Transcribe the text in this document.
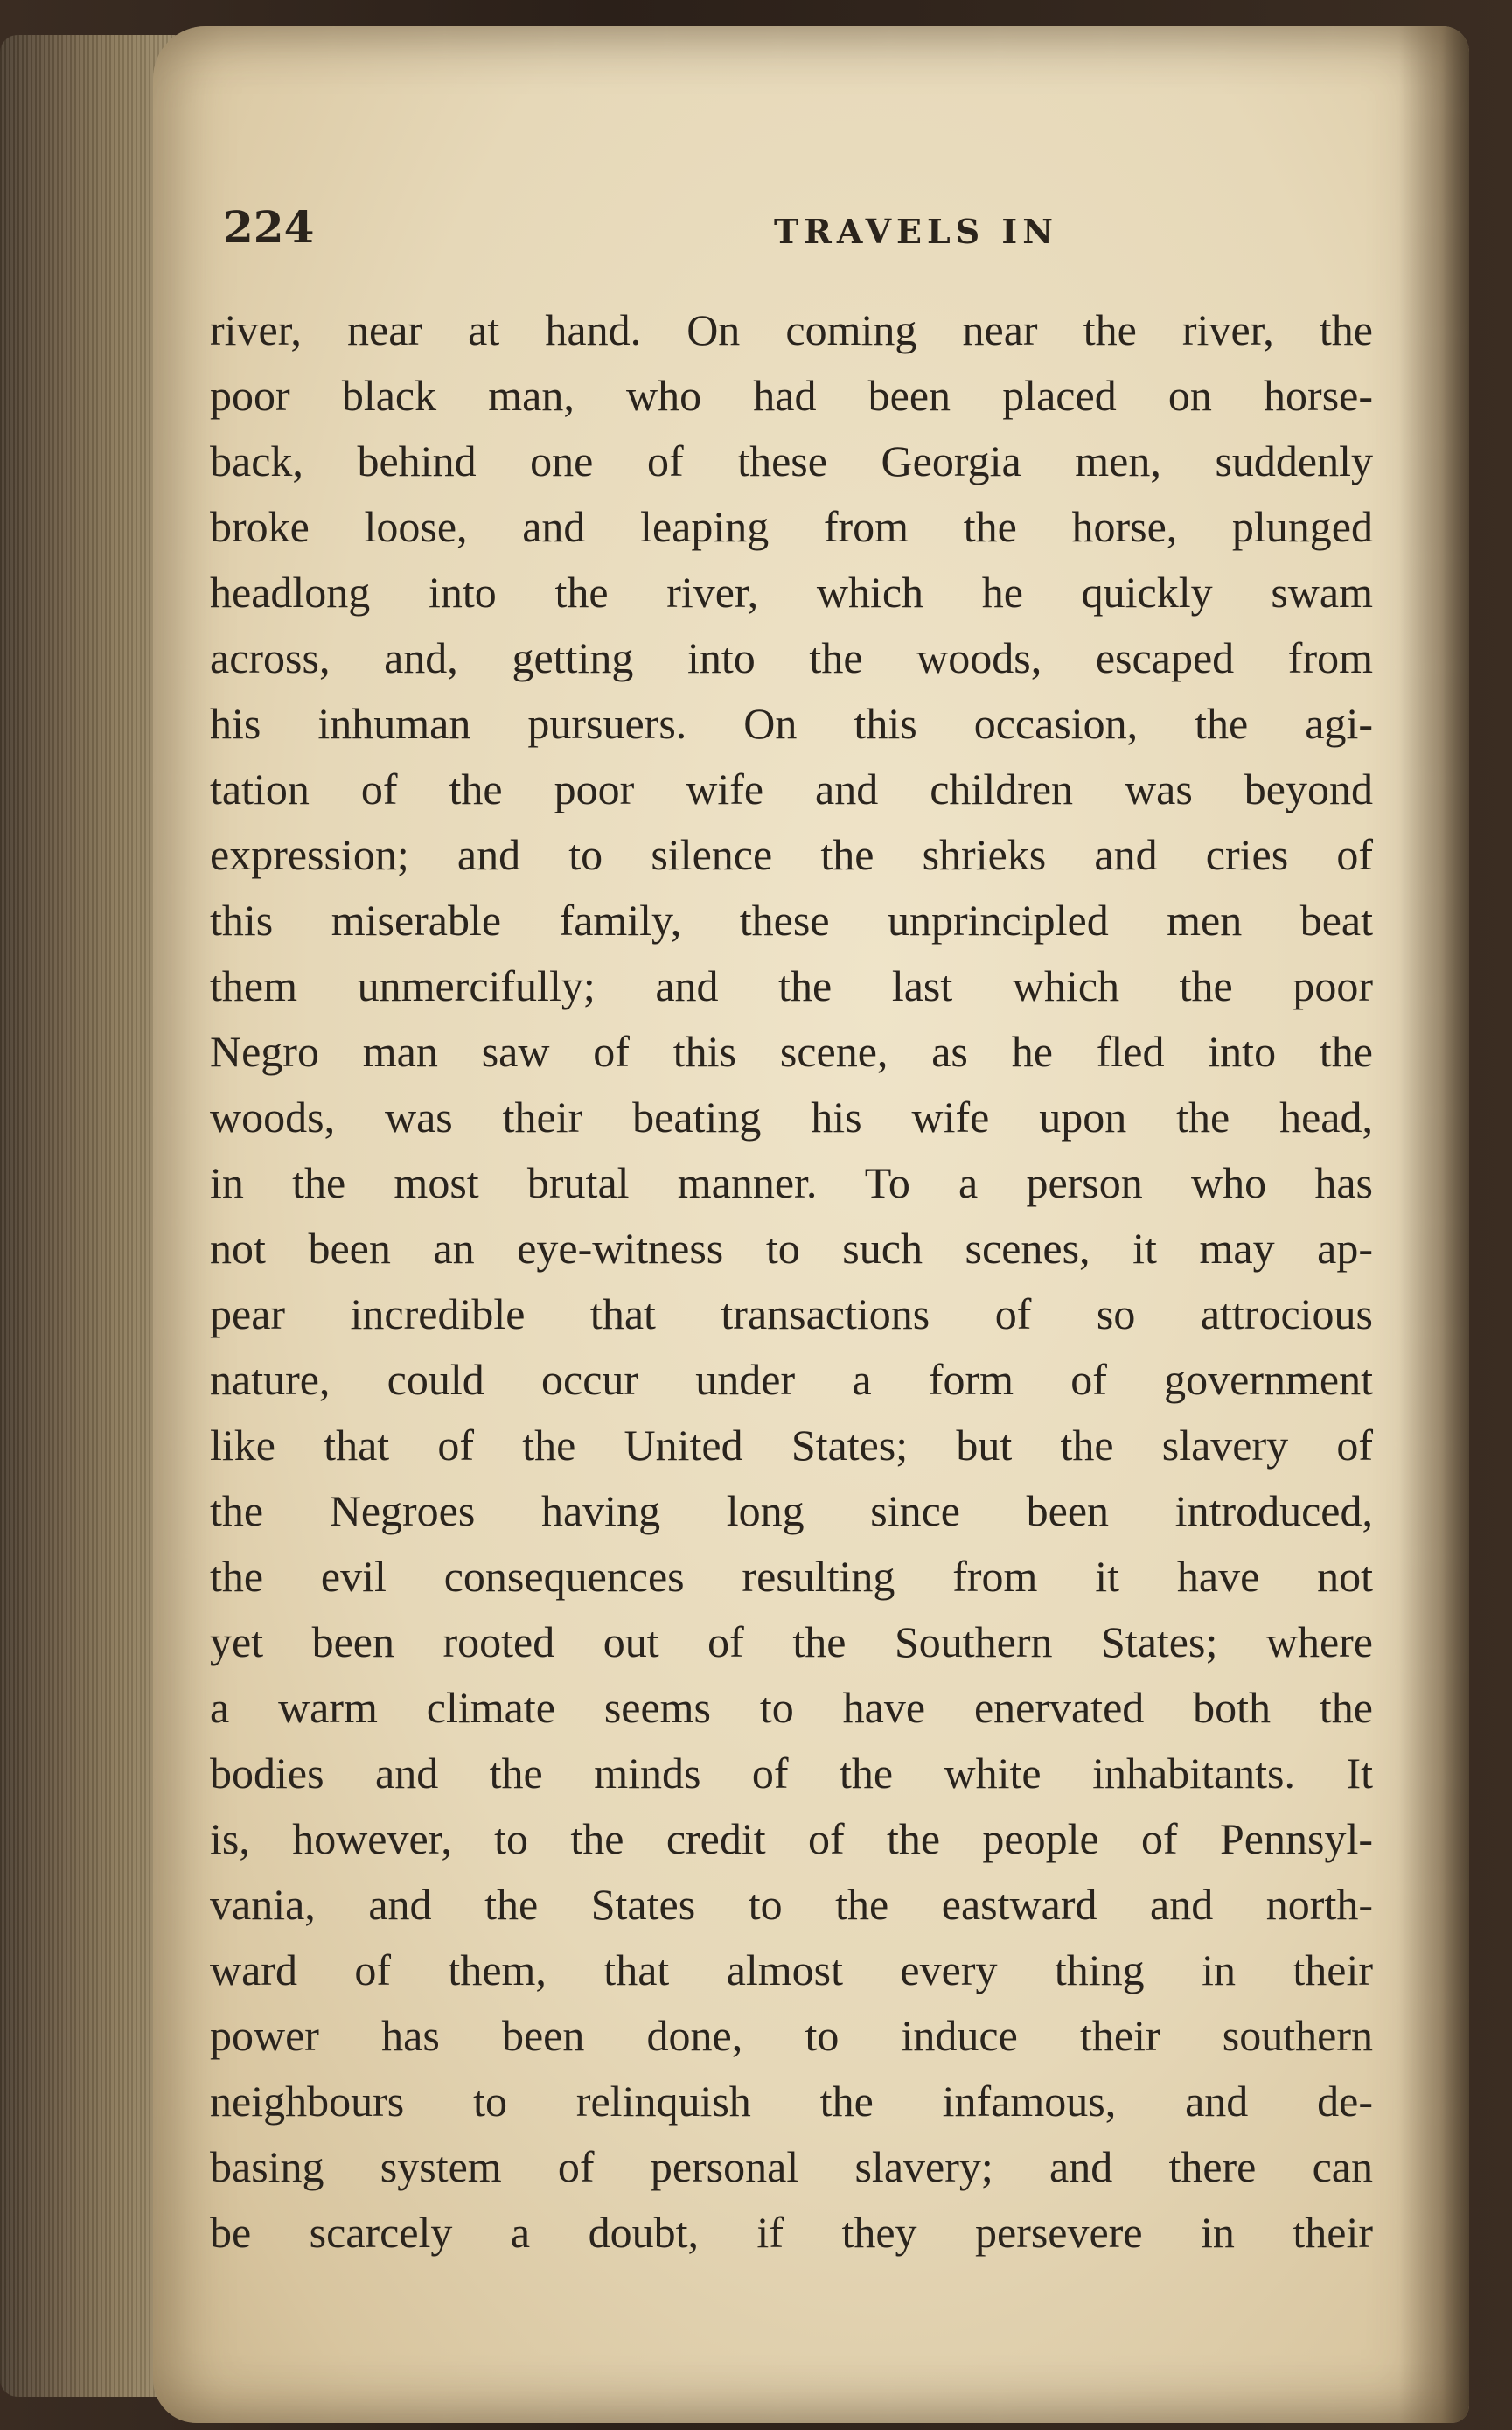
224	TRAVELS IN
river, near at hand. On coming near the river, the
poor black man, who had been placed on horse-
back, behind one of these Georgia men, suddenly
broke loose, and leaping from the horse, plunged
headlong into the river, which he quickly swam
across, and, getting into the woods, escaped from
his inhuman pursuers. On this occasion, the agi-
tation of the poor wife and children was beyond
expression; and to silence the shrieks and cries of
this miserable family, these unprincipled men beat
them unmercifully; and the last which the poor
Negro man saw of this scene, as he fled into the
woods, was their beating his wife upon the head,
in the most brutal manner. To a person who has
not been an eye-witness to such scenes, it may ap-
pear incredible that transactions of so attrocious
nature, could occur under a form of government
like that of the United States; but the slavery of
the Negroes having long since been introduced,
the evil consequences resulting from it have not
yet been rooted out of the Southern States; where
a warm climate seems to have enervated both the
bodies and the minds of the white inhabitants. It
is, however, to the credit of the people of Pennsyl-
vania, and the States to the eastward and north-
ward of them, that almost every thing in their
power has been done, to induce their southern
neighbours to relinquish the infamous, and de-
basing system of personal slavery; and there can
be scarcely a doubt, if they persevere in their
